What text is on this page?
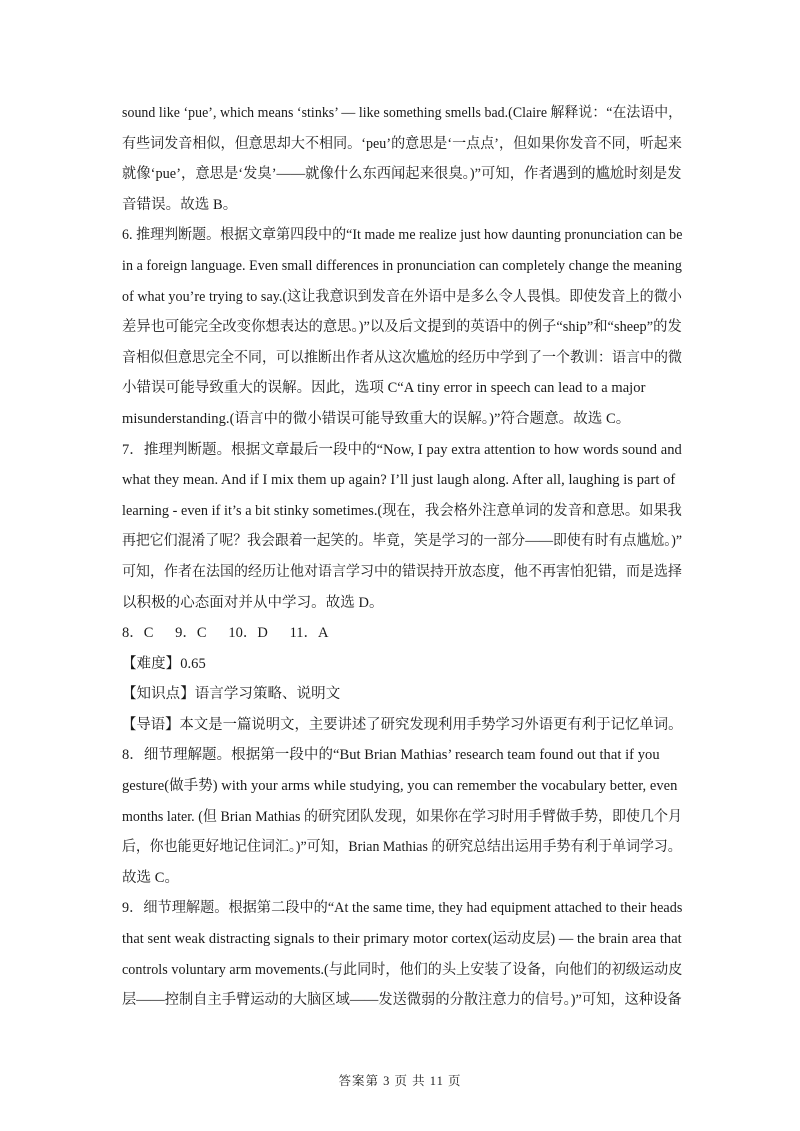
sound like ‘pue’, which means ‘stinks’ — like something smells bad.(Claire 解释说：“在法语中，

有些词发音相似，但意思却大不相同。‘peu’的意思是‘一点点’，但如果你发音不同，听起来

就像‘pue’，意思是‘发臭’——就像什么东西闻起来很臭。)”可知，作者遇到的尴尬时刻是发

音错误。故选 B。

6. 推理判断题。根据文章第四段中的“It made me realize just how daunting pronunciation can be

in a foreign language. Even small differences in pronunciation can completely change the meaning

of what you’re trying to say.(这让我意识到发音在外语中是多么令人畏惧。即使发音上的微小

差异也可能完全改变你想表达的意思。)”以及后文提到的英语中的例子“ship”和“sheep”的发

音相似但意思完全不同，可以推断出作者从这次尴尬的经历中学到了一个教训：语言中的微

小错误可能导致重大的误解。因此，选项 C“A tiny error in speech can lead to a major

misunderstanding.(语言中的微小错误可能导致重大的误解。)”符合题意。故选 C。

7．推理判断题。根据文章最后一段中的“Now, I pay extra attention to how words sound and

what they mean. And if I mix them up again? I’ll just laugh along. After all, laughing is part of

learning - even if it’s a bit stinky sometimes.(现在，我会格外注意单词的发音和意思。如果我

再把它们混淆了呢？我会跟着一起笑的。毕竟，笑是学习的一部分——即使有时有点尴尬。)”

可知，作者在法国的经历让他对语言学习中的错误持开放态度，他不再害怕犯错，而是选择

以积极的心态面对并从中学习。故选 D。

8．C      9．C      10．D      11．A

【难度】0.65

【知识点】语言学习策略、说明文

【导语】本文是一篇说明文，主要讲述了研究发现利用手势学习外语更有利于记忆单词。

8．细节理解题。根据第一段中的“But Brian Mathias’ research team found out that if you

gesture(做手势) with your arms while studying, you can remember the vocabulary better, even

months later. (但 Brian Mathias 的研究团队发现，如果你在学习时用手臂做手势，即使几个月

后，你也能更好地记住词汇。)”可知，Brian Mathias 的研究总结出运用手势有利于单词学习。

故选 C。

9．细节理解题。根据第二段中的“At the same time, they had equipment attached to their heads

that sent weak distracting signals to their primary motor cortex(运动皮层) — the brain area that

controls voluntary arm movements.(与此同时，他们的头上安装了设备，向他们的初级运动皮

层——控制自主手臂运动的大脑区域——发送微弱的分散注意力的信号。)”可知，这种设备

答案第 3 页 共 11 页
